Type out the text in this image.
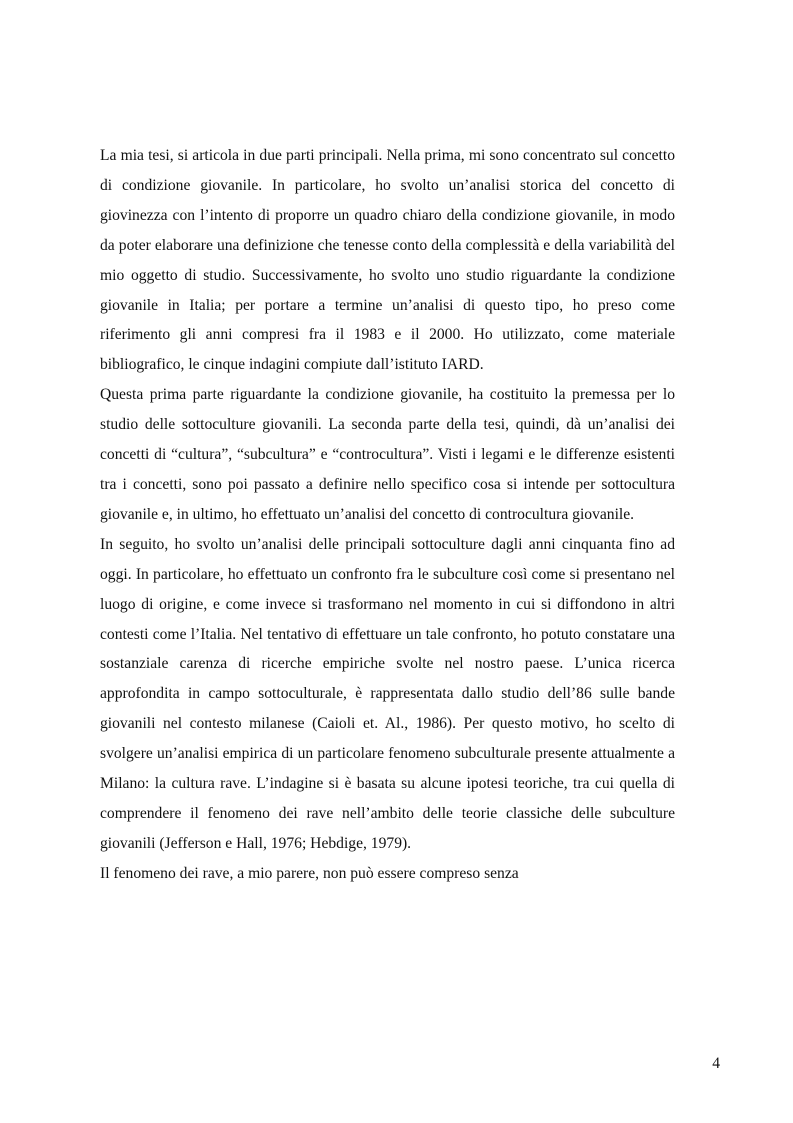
La mia tesi, si articola in due parti principali. Nella prima, mi sono concentrato sul concetto di condizione giovanile. In particolare, ho svolto un’analisi storica del concetto di giovinezza con l’intento di proporre un quadro chiaro della condizione giovanile, in modo da poter elaborare una definizione che tenesse conto della complessità e della variabilità del mio oggetto di studio. Successivamente, ho svolto uno studio riguardante la condizione giovanile in Italia; per portare a termine un’analisi di questo tipo, ho preso come riferimento gli anni compresi fra il 1983 e il 2000. Ho utilizzato, come materiale bibliografico, le cinque indagini compiute dall’istituto IARD.

Questa prima parte riguardante la condizione giovanile, ha costituito la premessa per lo studio delle sottoculture giovanili. La seconda parte della tesi, quindi, dà un’analisi dei concetti di “cultura”, “subcultura” e “controcultura”. Visti i legami e le differenze esistenti tra i concetti, sono poi passato a definire nello specifico cosa si intende per sottocultura giovanile e, in ultimo, ho effettuato un’analisi del concetto di controcultura giovanile.

In seguito, ho svolto un’analisi delle principali sottoculture dagli anni cinquanta fino ad oggi. In particolare, ho effettuato un confronto fra le subculture così come si presentano nel luogo di origine, e come invece si trasformano nel momento in cui si diffondono in altri contesti come l’Italia. Nel tentativo di effettuare un tale confronto, ho potuto constatare una sostanziale carenza di ricerche empiriche svolte nel nostro paese. L’unica ricerca approfondita in campo sottoculturale, è rappresentata dallo studio dell’86 sulle bande giovanili nel contesto milanese (Caioli et. Al., 1986). Per questo motivo, ho scelto di svolgere un’analisi empirica di un particolare fenomeno subculturale presente attualmente a Milano: la cultura rave. L’indagine si è basata su alcune ipotesi teoriche, tra cui quella di comprendere il fenomeno dei rave nell’ambito delle teorie classiche delle subculture giovanili (Jefferson e Hall, 1976; Hebdige, 1979).

Il fenomeno dei rave, a mio parere, non può essere compreso senza

4
